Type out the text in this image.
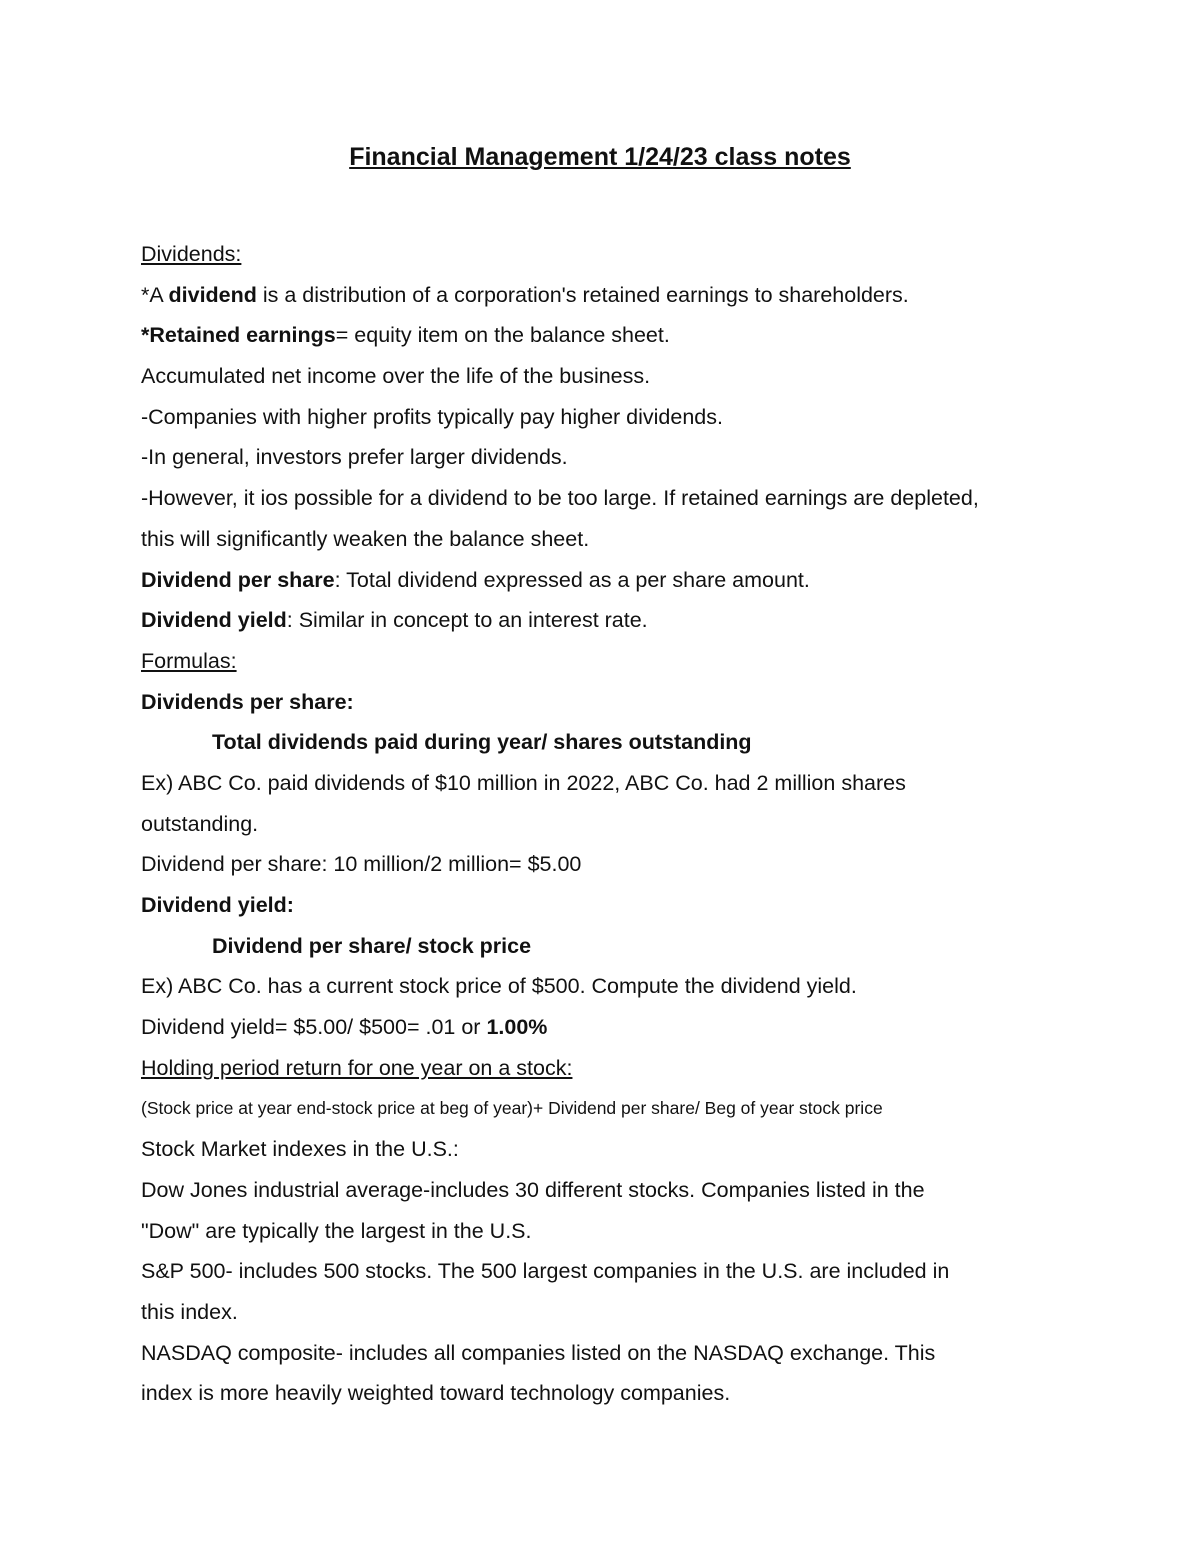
Financial Management 1/24/23 class notes
Dividends:
*A dividend is a distribution of a corporation's retained earnings to shareholders.
*Retained earnings= equity item on the balance sheet.
Accumulated net income over the life of the business.
-Companies with higher profits typically pay higher dividends.
-In general, investors prefer larger dividends.
-However, it ios possible for a dividend to be too large. If retained earnings are depleted,
this will significantly weaken the balance sheet.
Dividend per share: Total dividend expressed as a per share amount.
Dividend yield: Similar in concept to an interest rate.
Formulas:
Dividends per share:
Total dividends paid during year/ shares outstanding
Ex) ABC Co. paid dividends of $10 million in 2022, ABC Co. had 2 million shares
outstanding.
Dividend per share: 10 million/2 million= $5.00
Dividend yield:
Dividend per share/ stock price
Ex) ABC Co. has a current stock price of $500. Compute the dividend yield.
Dividend yield= $5.00/ $500= .01 or 1.00%
Holding period return for one year on a stock:
(Stock price at year end-stock price at beg of year)+ Dividend per share/ Beg of year stock price
Stock Market indexes in the U.S.:
Dow Jones industrial average-includes 30 different stocks. Companies listed in the
"Dow" are typically the largest in the U.S.
S&P 500- includes 500 stocks. The 500 largest companies in the U.S. are included in
this index.
NASDAQ composite- includes all companies listed on the NASDAQ exchange. This
index is more heavily weighted toward technology companies.
